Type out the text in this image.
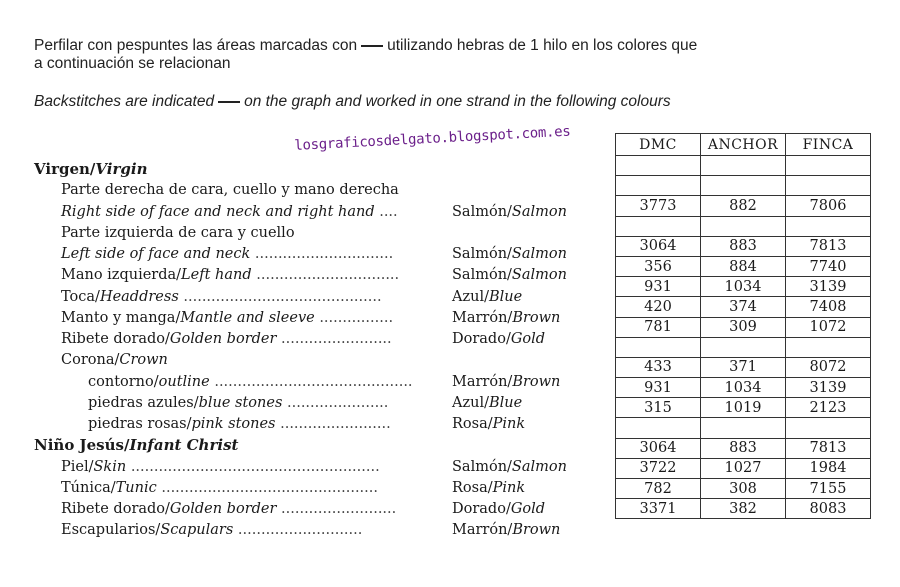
Perfilar con pespuntes las áreas marcadas con utilizando hebras de 1 hilo en los colores que
a continuación se relacionan
Backstitches are indicated on the graph and worked in one strand in the following colours
losgraficosdelgato.blogspot.com.es
Virgen/Virgin
Parte derecha de cara, cuello y mano derecha
Right side of face and neck and right hand ....	Salmón/Salmon
Parte izquierda de cara y cuello
Left side of face and neck ..............................	Salmón/Salmon
Mano izquierda/Left hand ...............................	Salmón/Salmon
Toca/Headdress ...........................................	Azul/Blue
Manto y manga/Mantle and sleeve ................	Marrón/Brown
Ribete dorado/Golden border ........................	Dorado/Gold
Corona/Crown
contorno/outline ...........................................	Marrón/Brown
piedras azules/blue stones ......................	Azul/Blue
piedras rosas/pink stones ........................	Rosa/Pink
Niño Jesús/Infant Christ
Piel/Skin ......................................................	Salmón/Salmon
Túnica/Tunic ...............................................	Rosa/Pink
Ribete dorado/Golden border .........................	Dorado/Gold
Escapularios/Scapulars ...........................	Marrón/Brown
DMC	ANCHOR	FINCA

3773	882	7806

3064	883	7813
356	884	7740
931	1034	3139
420	374	7408
781	309	1072

433	371	8072
931	1034	3139
315	1019	2123

3064	883	7813
3722	1027	1984
782	308	7155
3371	382	8083
